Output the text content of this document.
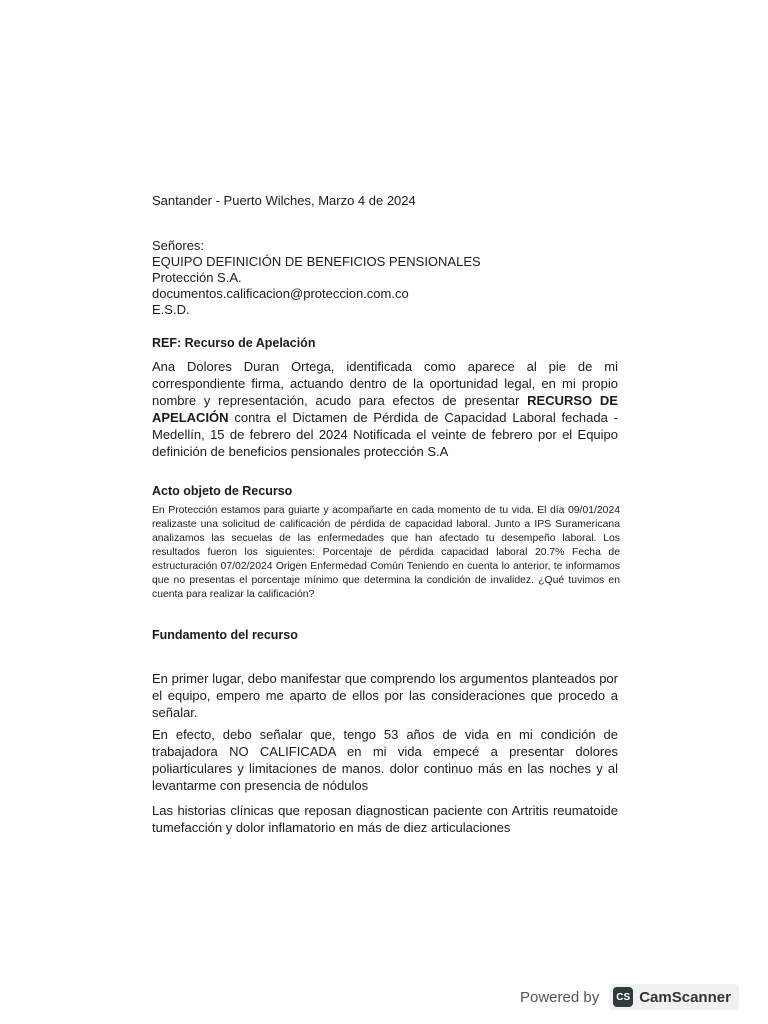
Santander - Puerto Wilches, Marzo 4 de 2024

Señores:
EQUIPO DEFINICIÓN DE BENEFICIOS PENSIONALES
Protección S.A.
documentos.calificacion@proteccion.com.co
E.S.D.

REF: Recurso de Apelación

Ana Dolores Duran Ortega, identificada como aparece al pie de mi correspondiente firma, actuando dentro de la oportunidad legal, en mi propio nombre y representación, acudo para efectos de presentar RECURSO DE APELACIÓN contra el Dictamen de Pérdida de Capacidad Laboral fechada - Medellín, 15 de febrero del 2024 Notificada el veinte de febrero por el Equipo definición de beneficios pensionales protección S.A

Acto objeto de Recurso

En Protección estamos para guiarte y acompañarte en cada momento de tu vida. El día 09/01/2024 realizaste una solicitud de calificación de pérdida de capacidad laboral. Junto a IPS Suramericana analizamos las secuelas de las enfermedades que han afectado tu desempeño laboral. Los resultados fueron los siguientes: Porcentaje de pérdida capacidad laboral 20.7% Fecha de estructuración 07/02/2024 Origen Enfermedad Común Teniendo en cuenta lo anterior, te informamos que no presentas el porcentaje mínimo que determina la condición de invalidez. ¿Qué tuvimos en cuenta para realizar la calificación?

Fundamento del recurso

En primer lugar, debo manifestar que comprendo los argumentos planteados por el equipo, empero me aparto de ellos por las consideraciones que procedo a señalar.

En efecto, debo señalar que, tengo 53 años de vida en mi condición de trabajadora NO CALIFICADA en mi vida empecé a presentar dolores poliarticulares y limitaciones de manos. dolor continuo más en las noches y al levantarme con presencia de nódulos

Las historias clínicas que reposan diagnostican paciente con Artritis reumatoide tumefacción y dolor inflamatorio en más de diez articulaciones

Powered by	CS CamScanner
